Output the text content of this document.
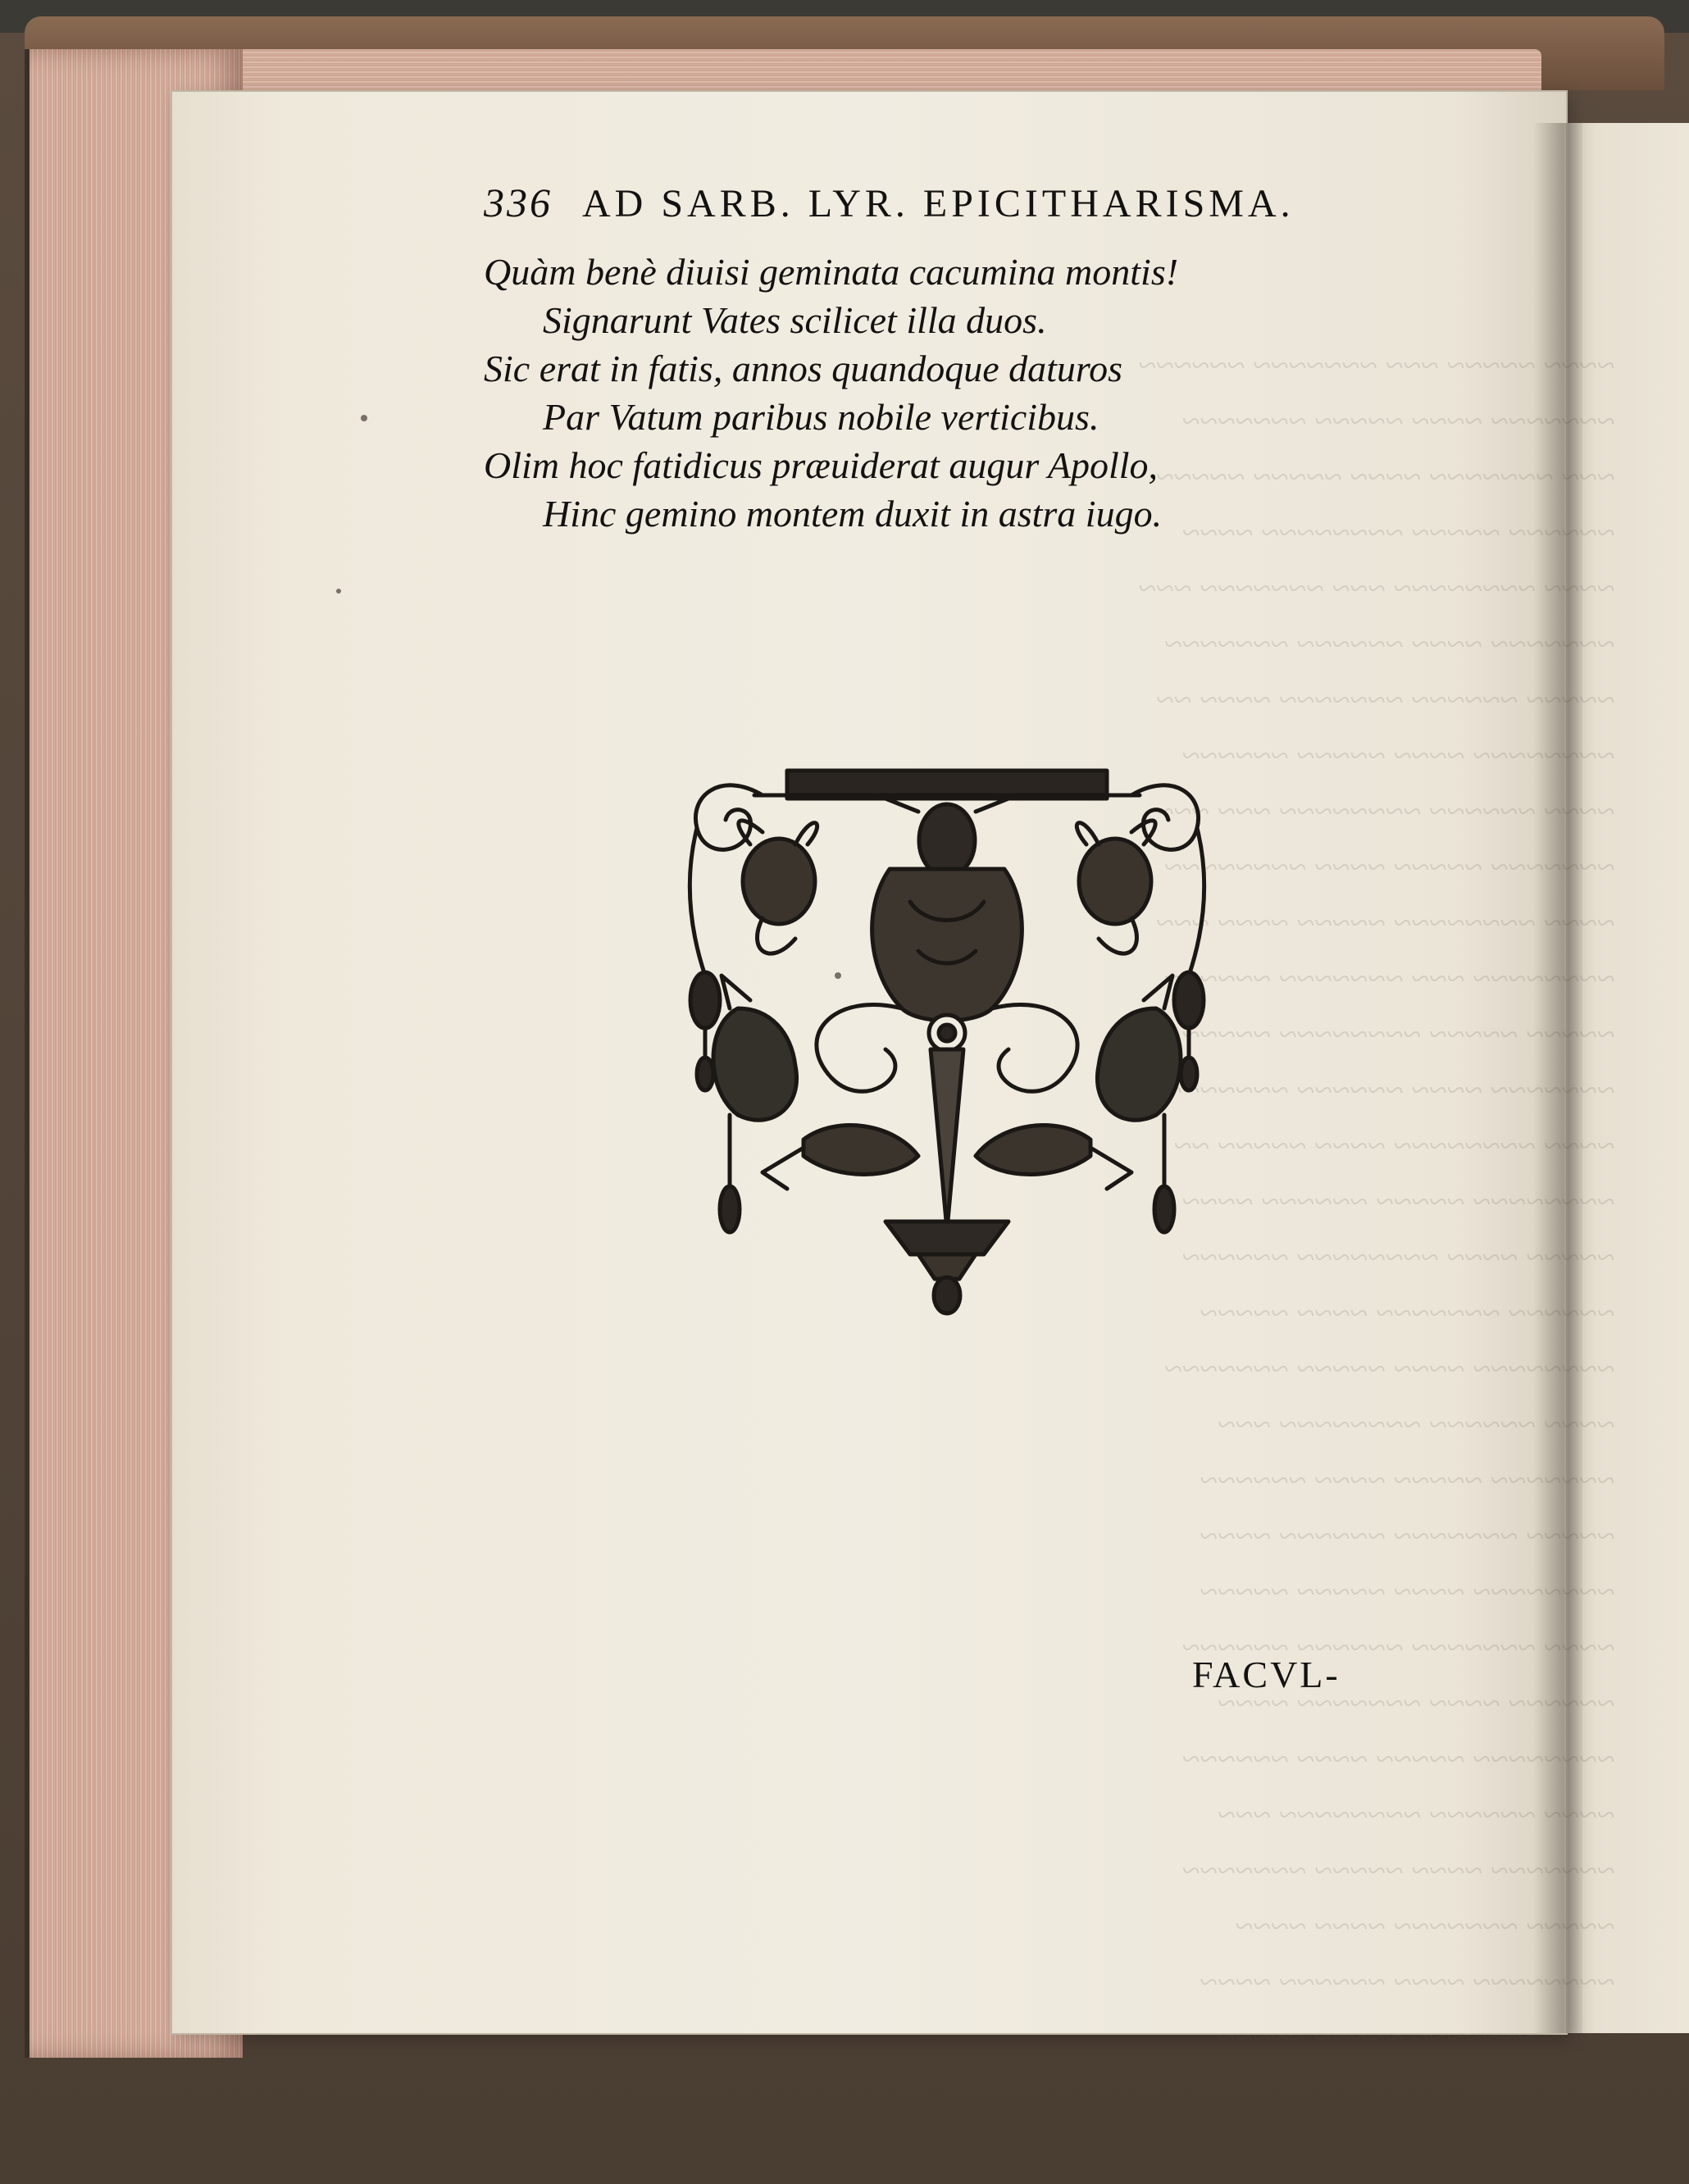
~~~~ ~~~~~ ~~~ ~~~~~~~ ~~~~~~
~~~~~~~ ~~~~ ~~~~~ ~~~~~~~
~~~ ~~~~~~~ ~~~~ ~~~~~ ~~~~~
~~~~~~ ~~~~~ ~~~~~~~~ ~~~~
~~~~ ~~~~~~~~ ~~~ ~~~~~~~ ~~~
~~~~~~~ ~~~~ ~~~~~~ ~~~~~~~
~~~~~ ~~~~~~ ~~~~~~~ ~~~~ ~~
~~~~~~~~ ~~~~ ~~~~~ ~~~~~~
~~~~ ~~~~~~ ~~~~~~~~ ~~~ ~~~
~~~~~~~ ~~~~~ ~~~~ ~~~~~~~~
~~~~ ~~~~~~~~ ~~~~~ ~~~~ ~~~
~~~~~~~~ ~~~ ~~~~~~~ ~~~~~~
~~~~~ ~~~~~ ~~~~~~~~ ~~~~~
~~~~~~~ ~~~~ ~~~~~~ ~~~~~~~
~~~~ ~~~~~~~~ ~~~~ ~~~~~ ~~
~~~~~~~~ ~~~~~ ~~~~~~ ~~~~
~~~~~ ~~~~ ~~~~~~~~ ~~~~~~
~~~~~~ ~~~~~~~ ~~~~ ~~~~~
~~~~~~~~ ~~~~ ~~~~~ ~~~~~~~
~~~~ ~~~~~~ ~~~~~~~~ ~~~
~~~~~~~ ~~~~~ ~~~~ ~~~~~~
~~~~~ ~~~~~~~ ~~~~~~ ~~~~
~~~~~~~~ ~~~~ ~~~~~ ~~~~~
~~~~ ~~~~~~~ ~~~~~~ ~~~~~~
~~~~~~ ~~~~ ~~~~~~~ ~~~~
~~~~~~~~ ~~~~~ ~~~~ ~~~~~~
~~~~ ~~~~~~ ~~~~~~~~ ~~~
~~~~~~~ ~~~~ ~~~~~ ~~~~~~~
~~~~~ ~~~~~~~ ~~~~ ~~~~
~~~~~~~~ ~~~~ ~~~~~~ ~~~~
336 AD SARB. LYR. EPICITHARISMA.
Quàm benè diuisi geminata cacumina montis!
Signarunt Vates scilicet illa duos.
Sic erat in fatis, annos quandoque daturos
Par Vatum paribus nobile verticibus.
Olim hoc fatidicus præuiderat augur Apollo,
Hinc gemino montem duxit in astra iugo.
FACVL-
